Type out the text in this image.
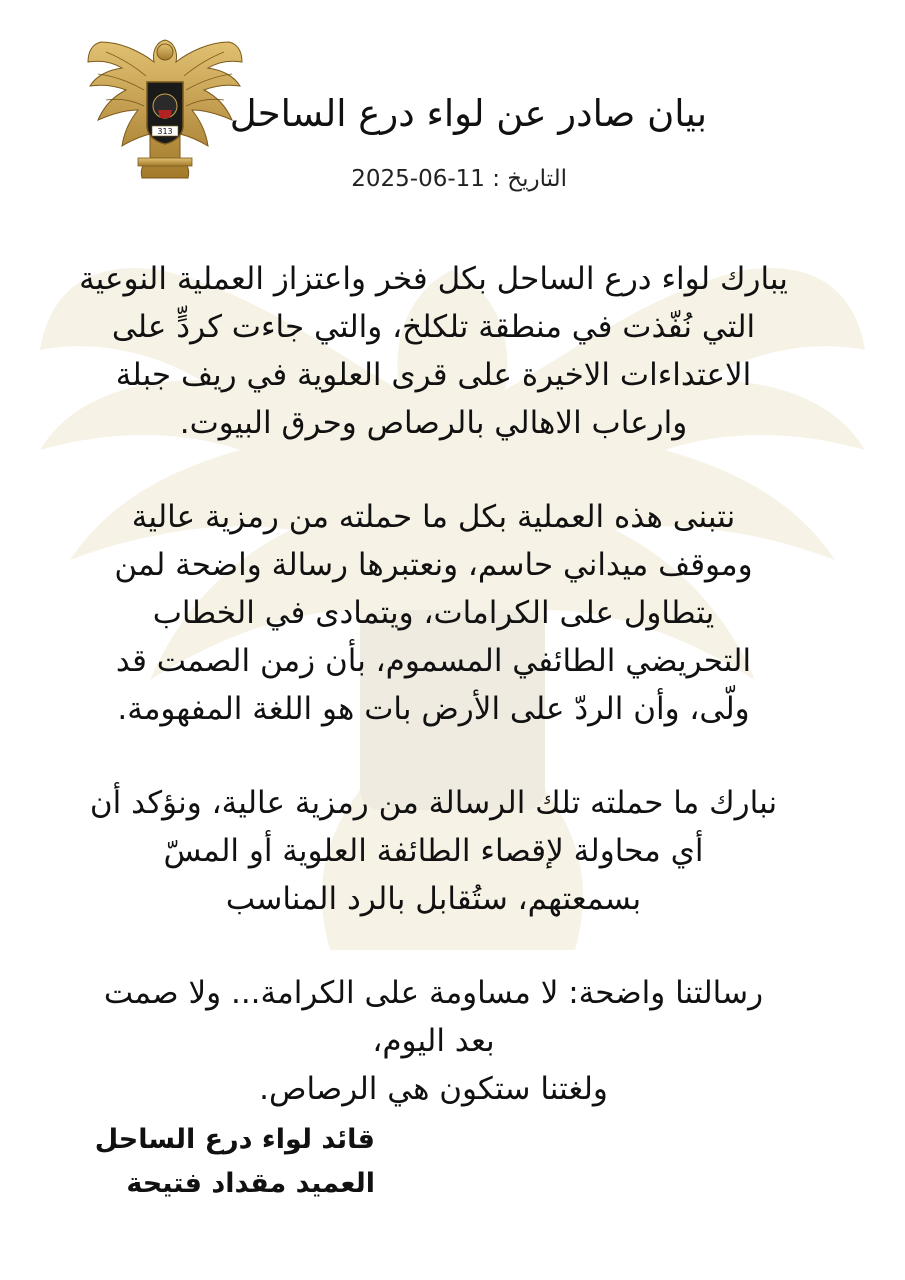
313 بيان صادر عن لواء درع الساحل
التاريخ : 2025-06-11

يبارك لواء درع الساحل بكل فخر واعتزاز العملية النوعية
التي نُفّذت في منطقة تلكلخ، والتي جاءت كردٍّ على
الاعتداءات الاخيرة على قرى العلوية في ريف جبلة
وارعاب الاهالي بالرصاص وحرق البيوت.

نتبنى هذه العملية بكل ما حملته من رمزية عالية
وموقف ميداني حاسم، ونعتبرها رسالة واضحة لمن
يتطاول على الكرامات، ويتمادى في الخطاب
التحريضي الطائفي المسموم، بأن زمن الصمت قد
ولّى، وأن الردّ على الأرض بات هو اللغة المفهومة.

نبارك ما حملته تلك الرسالة من رمزية عالية، ونؤكد أن
أي محاولة لإقصاء الطائفة العلوية أو المسّ
بسمعتهم، ستُقابل بالرد المناسب

رسالتنا واضحة: لا مساومة على الكرامة... ولا صمت
بعد اليوم،
ولغتنا ستكون هي الرصاص.

قائد لواء درع الساحل
العميد مقداد فتيحة
